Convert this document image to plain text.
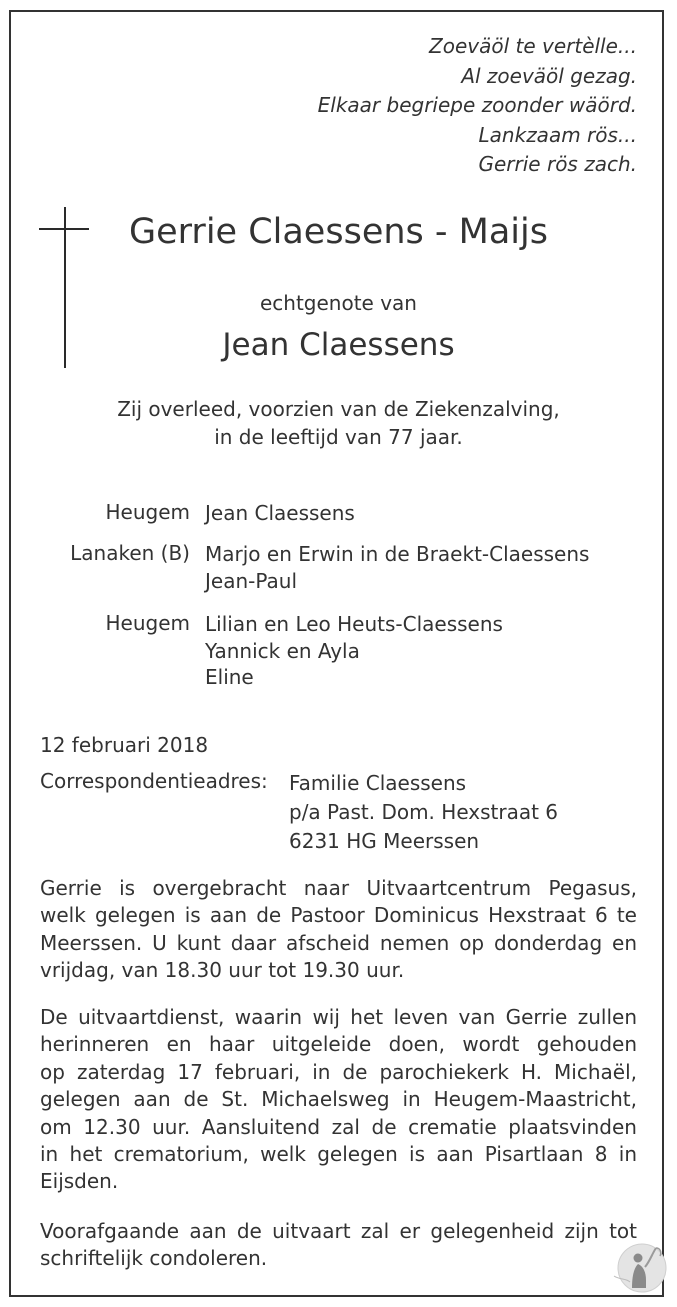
Zoeväöl te vertèlle...
Al zoeväöl gezag.
Elkaar begriepe zoonder wäörd.
Lankzaam rös...
Gerrie rös zach.
Gerrie Claessens - Maijs
echtgenote van
Jean Claessens
Zij overleed, voorzien van de Ziekenzalving,
in de leeftijd van 77 jaar.
Heugem Jean Claessens
Lanaken (B) Marjo en Erwin in de Braekt-Claessens
Jean-Paul
Heugem Lilian en Leo Heuts-Claessens
Yannick en Ayla
Eline
12 februari 2018
Correspondentieadres: Familie Claessens
p/a Past. Dom. Hexstraat 6
6231 HG Meerssen
Gerrie is overgebracht naar Uitvaartcentrum Pegasus,
welk gelegen is aan de Pastoor Dominicus Hexstraat 6 te
Meerssen. U kunt daar afscheid nemen op donderdag en
vrijdag, van 18.30 uur tot 19.30 uur.
De uitvaartdienst, waarin wij het leven van Gerrie zullen
herinneren en haar uitgeleide doen, wordt gehouden
op zaterdag 17 februari, in de parochiekerk H. Michaël,
gelegen aan de St. Michaelsweg in Heugem-Maastricht,
om 12.30 uur. Aansluitend zal de crematie plaatsvinden
in het crematorium, welk gelegen is aan Pisartlaan 8 in
Eijsden.
Voorafgaande aan de uitvaart zal er gelegenheid zijn tot
schriftelijk condoleren.
